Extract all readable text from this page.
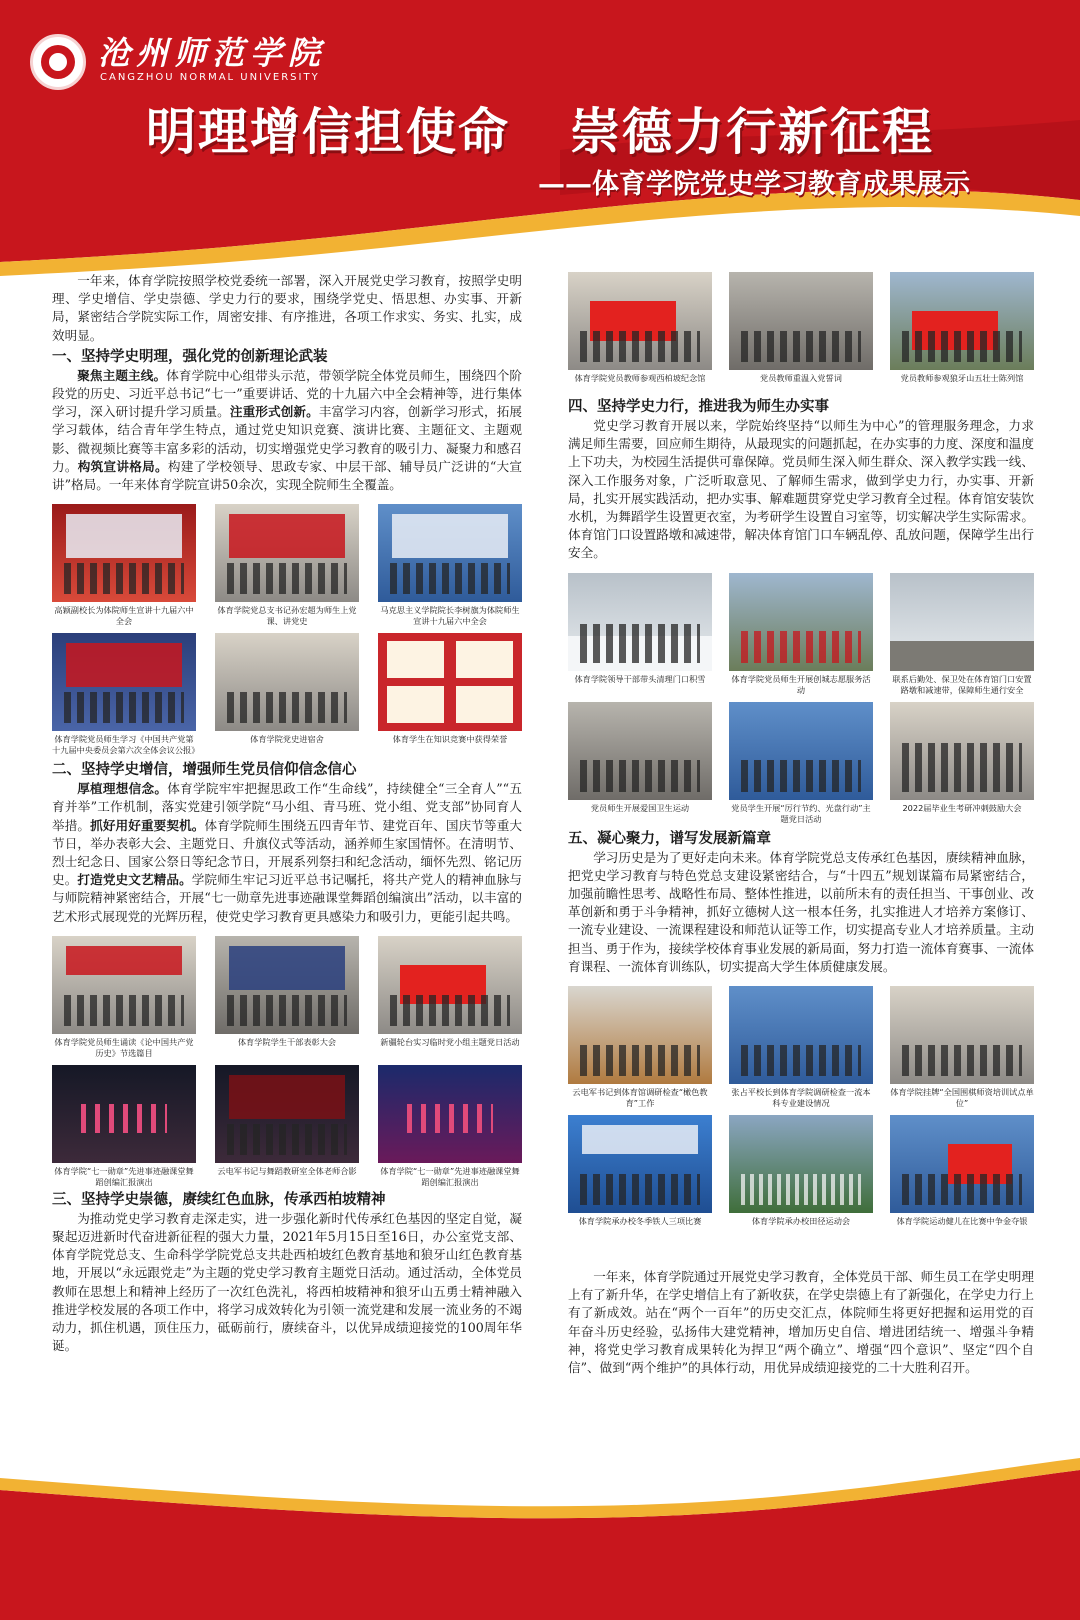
沧州师范学院
CANGZHOU NORMAL UNIVERSITY
明理增信担使命 崇德力行新征程
——体育学院党史学习教育成果展示

一年来，体育学院按照学校党委统一部署，深入开展党史学习教育，按照学史明理、学史增信、学史崇德、学史力行的要求，围绕学党史、悟思想、办实事、开新局，紧密结合学院实际工作，周密安排、有序推进，各项工作求实、务实、扎实，成效明显。

一、坚持学史明理，强化党的创新理论武装

聚焦主题主线。体育学院中心组带头示范，带领学院全体党员师生，围绕四个阶段党的历史、习近平总书记“七一”重要讲话、党的十九届六中全会精神等，进行集体学习，深入研讨提升学习质量。注重形式创新。丰富学习内容，创新学习形式，拓展学习载体，结合青年学生特点，通过党史知识竞赛、演讲比赛、主题征文、主题观影、微视频比赛等丰富多彩的活动，切实增强党史学习教育的吸引力、凝聚力和感召力。构筑宣讲格局。构建了学校领导、思政专家、中层干部、辅导员广泛讲的“大宣讲”格局。一年来体育学院宣讲50余次，实现全院师生全覆盖。

高颖副校长为体院师生宣讲十九届六中全会
体育学院党总支书记孙宏超为师生上党课、讲党史
马克思主义学院院长李树旗为体院师生宣讲十九届六中全会
体育学院党员师生学习《中国共产党第十九届中央委员会第六次全体会议公报》
体育学院党史进宿舍	体育学生在知识竞赛中获得荣誉
二、坚持学史增信，增强师生党员信仰信念信心

厚植理想信念。体育学院牢牢把握思政工作“生命线”，持续健全“三全育人”“五育并举”工作机制，落实党建引领学院“马小组、青马班、党小组、党支部”协同育人举措。抓好用好重要契机。体育学院师生围绕五四青年节、建党百年、国庆节等重大节日，举办表彰大会、主题党日、升旗仪式等活动，涵养师生家国情怀。在清明节、烈士纪念日、国家公祭日等纪念节日，开展系列祭扫和纪念活动，缅怀先烈、铭记历史。打造党史文艺精品。学院师生牢记习近平总书记嘱托，将共产党人的精神血脉与与师院精神紧密结合，开展“七一勋章先进事迹融课堂舞蹈创编演出”活动，以丰富的艺术形式展现党的光辉历程，使党史学习教育更具感染力和吸引力，更能引起共鸣。

体育学院党员师生诵读《论中国共产党历史》节选篇目
体育学院学生干部表彰大会	新疆轮台实习临时党小组主题党日活动
体育学院“七一勋章”先进事迹融课堂舞蹈创编汇报演出
云电军书记与舞蹈教研室全体老师合影	体育学院“七一勋章”先进事迹融课堂舞蹈创编汇报演出
三、坚持学史崇德，赓续红色血脉，传承西柏坡精神

为推动党史学习教育走深走实，进一步强化新时代传承红色基因的坚定自觉，凝聚起迈进新时代奋进新征程的强大力量，2021年5月15日至16日，办公室党支部、体育学院党总支、生命科学学院党总支共赴西柏坡红色教育基地和狼牙山红色教育基地，开展以“永远跟党走”为主题的党史学习教育主题党日活动。通过活动，全体党员教师在思想上和精神上经历了一次红色洗礼，将西柏坡精神和狼牙山五勇士精神融入推进学校发展的各项工作中，将学习成效转化为引领一流党建和发展一流业务的不竭动力，抓住机遇，顶住压力，砥砺前行，赓续奋斗，以优异成绩迎接党的100周年华诞。

体育学院党员教师参观西柏坡纪念馆	党员教师重温入党誓词	党员教师参观狼牙山五壮士陈列馆
四、坚持学史力行，推进我为师生办实事

党史学习教育开展以来，学院始终坚持“以师生为中心”的管理服务理念，力求满足师生需要，回应师生期待，从最现实的问题抓起，在办实事的力度、深度和温度上下功夫，为校园生活提供可靠保障。党员师生深入师生群众、深入教学实践一线、深入工作服务对象，广泛听取意见、了解师生需求，做到学史力行，办实事、开新局，扎实开展实践活动，把办实事、解难题贯穿党史学习教育全过程。体育馆安装饮水机，为舞蹈学生设置更衣室，为考研学生设置自习室等，切实解决学生实际需求。体育馆门口设置路墩和减速带，解决体育馆门口车辆乱停、乱放问题，保障学生出行安全。

体育学院领导干部带头清理门口积雪	体育学院党员师生开展创城志愿服务活动
联系后勤处、保卫处在体育馆门口安置路墩和减速带，保障师生通行安全
党员师生开展爱国卫生运动	党员学生开展“厉行节约、光盘行动”主题党日活动
2022届毕业生考研冲刺鼓励大会
五、凝心聚力，谱写发展新篇章

学习历史是为了更好走向未来。体育学院党总支传承红色基因，赓续精神血脉，把党史学习教育与特色党总支建设紧密结合，与“十四五”规划谋篇布局紧密结合，加强前瞻性思考、战略性布局、整体性推进，以前所未有的责任担当、干事创业、改革创新和勇于斗争精神，抓好立德树人这一根本任务，扎实推进人才培养方案修订、一流专业建设、一流课程建设和师范认证等工作，切实提高专业人才培养质量。主动担当、勇于作为，接续学校体育事业发展的新局面，努力打造一流体育赛事、一流体育课程、一流体育训练队，切实提高大学生体质健康发展。

云电军书记到体育馆调研检查“橄色教育”工作
张占平校长到体育学院调研检查一流本科专业建设情况
体育学院挂牌“全国围棋师资培训试点单位”
体育学院承办校冬季铁人三项比赛	体育学院承办校田径运动会	体育学院运动健儿在比赛中争金夺银

一年来，体育学院通过开展党史学习教育，全体党员干部、师生员工在学史明理上有了新升华，在学史增信上有了新收获，在学史崇德上有了新强化，在学史力行上有了新成效。站在“两个一百年”的历史交汇点，体院师生将更好把握和运用党的百年奋斗历史经验，弘扬伟大建党精神，增加历史自信、增进团结统一、增强斗争精神，将党史学习教育成果转化为捍卫“两个确立”、增强“四个意识”、坚定“四个自信”、做到“两个维护”的具体行动，用优异成绩迎接党的二十大胜利召开。
